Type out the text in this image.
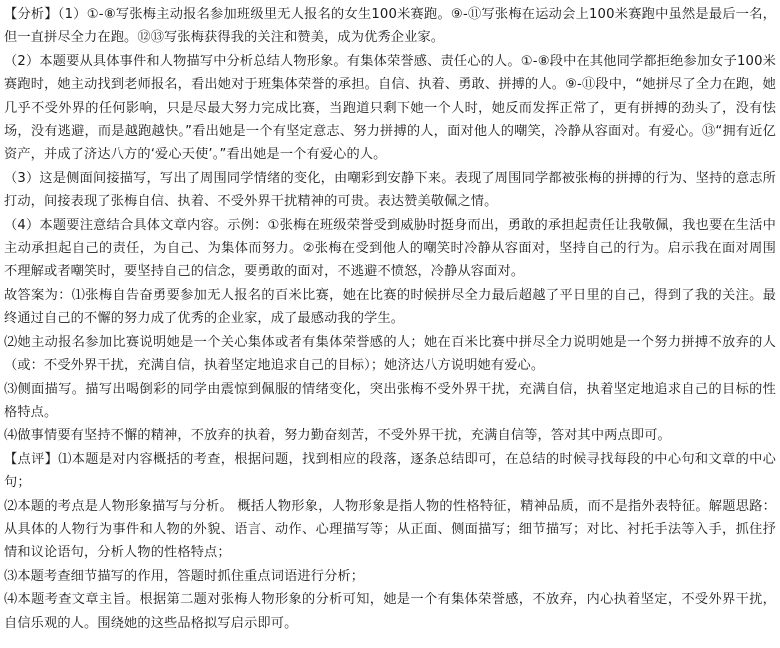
【分析】（1）①-⑧写张梅主动报名参加班级里无人报名的女生100米赛跑。⑨-⑪写张梅在运动会上100米赛跑中虽然是最后一名，但一直拼尽全力在跑。⑫⑬写张梅获得我的关注和赞美，成为优秀企业家。

（2）本题要从具体事件和人物描写中分析总结人物形象。有集体荣誉感、责任心的人。①-⑧段中在其他同学都拒绝参加女子100米赛跑时，她主动找到老师报名，看出她对于班集体荣誉的承担。自信、执着、勇敢、拼搏的人。⑨-⑪段中，“她拼尽了全力在跑，她几乎不受外界的任何影响，只是尽最大努力完成比赛，当跑道只剩下她一个人时，她反而发挥正常了，更有拼搏的劲头了，没有怯场，没有逃避，而是越跑越快。”看出她是一个有坚定意志、努力拼搏的人，面对他人的嘲笑，冷静从容面对。有爱心。⑬“拥有近亿资产，并成了济达八方的‘爱心天使’。”看出她是一个有爱心的人。

（3）这是侧面间接描写，写出了周围同学情绪的变化，由嘲彩到安静下来。表现了周围同学都被张梅的拼搏的行为、坚持的意志所打动，间接表现了张梅自信、执着、不受外界干扰精神的可贵。表达赞美敬佩之情。

（4）本题要注意结合具体文章内容。示例：①张梅在班级荣誉受到威胁时挺身而出，勇敢的承担起责任让我敬佩，我也要在生活中主动承担起自己的责任，为自己、为集体而努力。②张梅在受到他人的嘲笑时冷静从容面对，坚持自己的行为。启示我在面对周围不理解或者嘲笑时，要坚持自己的信念，要勇敢的面对，不逃避不愤怒，冷静从容面对。

故答案为：⑴张梅自告奋勇要参加无人报名的百米比赛，她在比赛的时候拼尽全力最后超越了平日里的自己，得到了我的关注。最终通过自己的不懈的努力成了优秀的企业家，成了最感动我的学生。

⑵她主动报名参加比赛说明她是一个关心集体或者有集体荣誉感的人；她在百米比赛中拼尽全力说明她是一个努力拼搏不放弃的人（或：不受外界干扰，充满自信，执着坚定地追求自己的目标）；她济达八方说明她有爱心。

⑶侧面描写。描写出喝倒彩的同学由震惊到佩服的情绪变化，突出张梅不受外界干扰，充满自信，执着坚定地追求自己的目标的性格特点。

⑷做事情要有坚持不懈的精神，不放弃的执着，努力勤奋刻苦，不受外界干扰，充满自信等，答对其中两点即可。

【点评】⑴本题是对内容概括的考查，根据问题，找到相应的段落，逐条总结即可，在总结的时候寻找每段的中心句和文章的中心句；

⑵本题的考点是人物形象描写与分析。 概括人物形象，人物形象是指人物的性格特征，精神品质，而不是指外表特征。解题思路：从具体的人物行为事件和人物的外貌、语言、动作、心理描写等；从正面、侧面描写；细节描写；对比、衬托手法等入手，抓住抒情和议论语句，分析人物的性格特点；

⑶本题考查细节描写的作用，答题时抓住重点词语进行分析；

⑷本题考查文章主旨。根据第二题对张梅人物形象的分析可知，她是一个有集体荣誉感，不放弃，内心执着坚定，不受外界干扰，自信乐观的人。围绕她的这些品格拟写启示即可。
